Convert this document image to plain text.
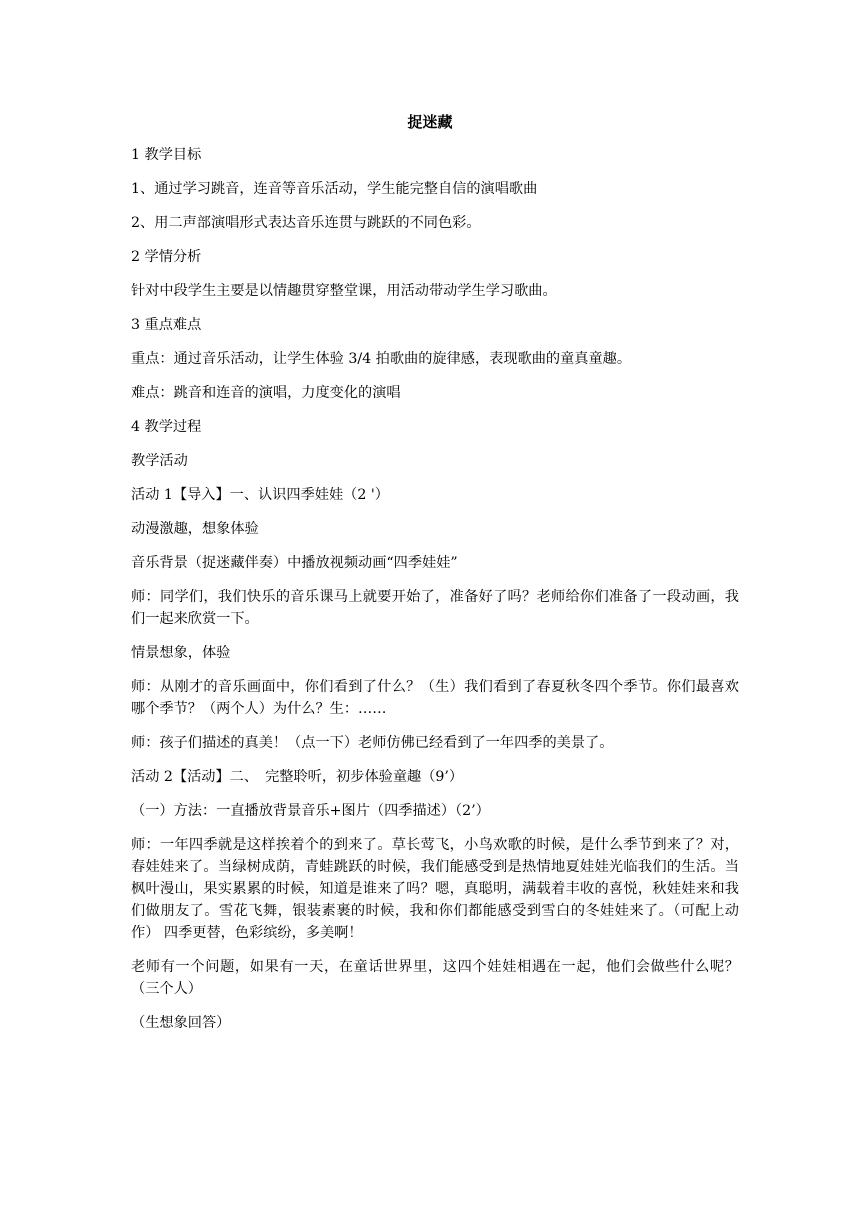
捉迷藏

1 教学目标

1、通过学习跳音，连音等音乐活动，学生能完整自信的演唱歌曲

2、用二声部演唱形式表达音乐连贯与跳跃的不同色彩。

2 学情分析

针对中段学生主要是以情趣贯穿整堂课，用活动带动学生学习歌曲。

3 重点难点

重点：通过音乐活动，让学生体验 3/4 拍歌曲的旋律感，表现歌曲的童真童趣。

难点：跳音和连音的演唱，力度变化的演唱

4 教学过程

教学活动

活动 1【导入】一、认识四季娃娃（2 '）

动漫激趣，想象体验

音乐背景（捉迷藏伴奏）中播放视频动画“四季娃娃”

师：同学们，我们快乐的音乐课马上就要开始了，准备好了吗？老师给你们准备了一段动画，我们一起来欣赏一下。

情景想象，体验

师：从刚才的音乐画面中，你们看到了什么？（生）我们看到了春夏秋冬四个季节。你们最喜欢哪个季节？（两个人）为什么？生：……

师：孩子们描述的真美！（点一下）老师仿佛已经看到了一年四季的美景了。

活动 2【活动】二、　完整聆听，初步体验童趣（9’）

（一）方法：一直播放背景音乐+图片（四季描述）（2’）

师：一年四季就是这样挨着个的到来了。草长莺飞，小鸟欢歌的时候，是什么季节到来了？对，春娃娃来了。当绿树成荫，青蛙跳跃的时候，我们能感受到是热情地夏娃娃光临我们的生活。当枫叶漫山，果实累累的时候，知道是谁来了吗？嗯，真聪明，满载着丰收的喜悦，秋娃娃来和我们做朋友了。雪花飞舞，银装素裹的时候，我和你们都能感受到雪白的冬娃娃来了。（可配上动作） 四季更替，色彩缤纷，多美啊！

老师有一个问题，如果有一天，在童话世界里，这四个娃娃相遇在一起，他们会做些什么呢？（三个人）

（生想象回答）
